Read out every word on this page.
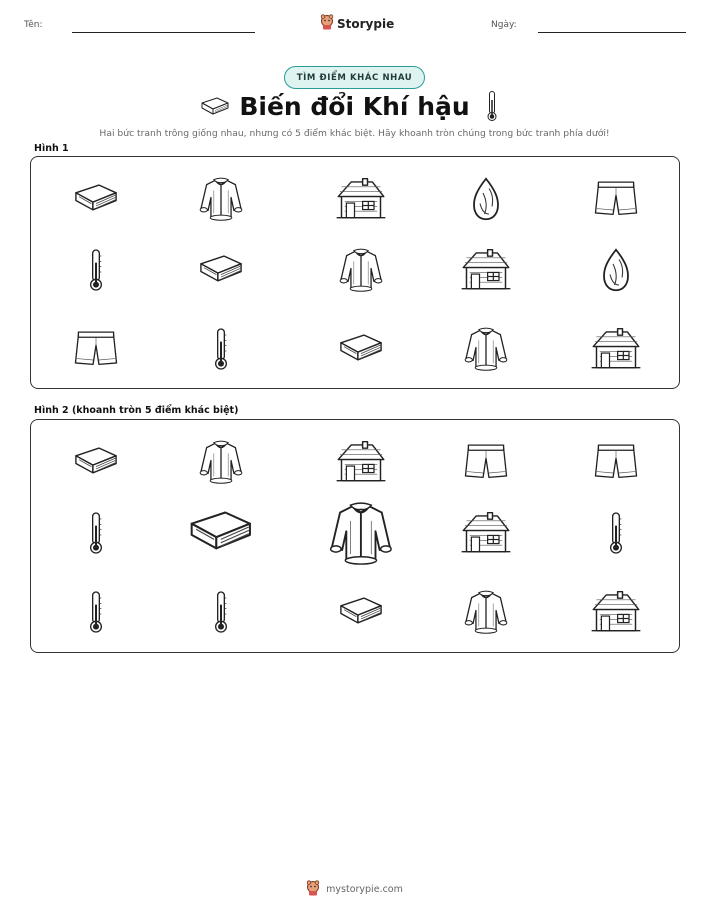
Tên:	Storypie	Ngày:
TÌM ĐIỂM KHÁC NHAU
Biến đổi Khí hậu
Hai bức tranh trông giống nhau, nhưng có 5 điểm khác biệt. Hãy khoanh tròn chúng trong bức tranh phía dưới!
Hình 1
Hình 2 (khoanh tròn 5 điểm khác biệt)
mystorypie.com
